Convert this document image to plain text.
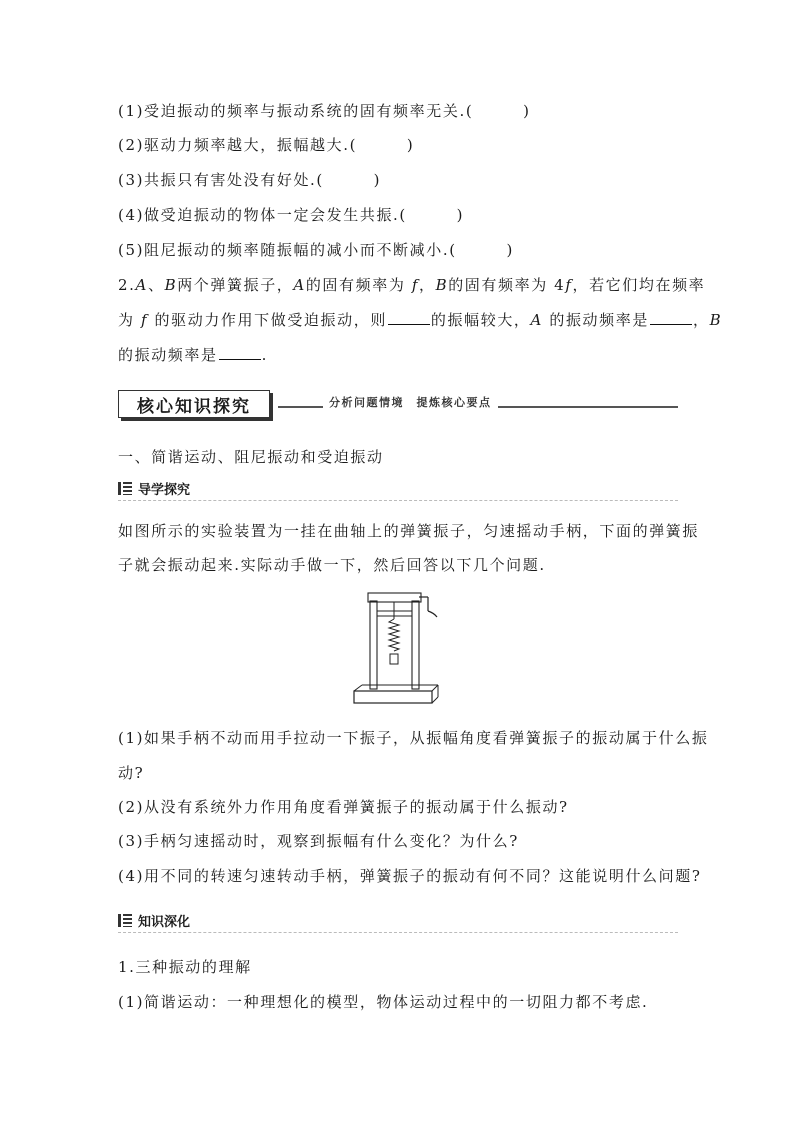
(1)受迫振动的频率与振动系统的固有频率无关.(　　　)
(2)驱动力频率越大，振幅越大.(　　　)
(3)共振只有害处没有好处.(　　　)
(4)做受迫振动的物体一定会发生共振.(　　　)
(5)阻尼振动的频率随振幅的减小而不断减小.(　　　)
2.A、B两个弹簧振子，A的固有频率为 f，B的固有频率为 4f，若它们均在频率
为 f 的驱动力作用下做受迫振动，则	的振幅较大，A 的振动频率是	，B
的振动频率是	.
核心知识探究	分析问题情境　提炼核心要点
一、简谐运动、阻尼振动和受迫振动
导学探究
如图所示的实验装置为一挂在曲轴上的弹簧振子，匀速摇动手柄，下面的弹簧振
子就会振动起来.实际动手做一下，然后回答以下几个问题.
(1)如果手柄不动而用手拉动一下振子，从振幅角度看弹簧振子的振动属于什么振
动?
(2)从没有系统外力作用角度看弹簧振子的振动属于什么振动?
(3)手柄匀速摇动时，观察到振幅有什么变化？为什么?
(4)用不同的转速匀速转动手柄，弹簧振子的振动有何不同？这能说明什么问题?
知识深化
1.三种振动的理解
(1)简谐运动：一种理想化的模型，物体运动过程中的一切阻力都不考虑.
